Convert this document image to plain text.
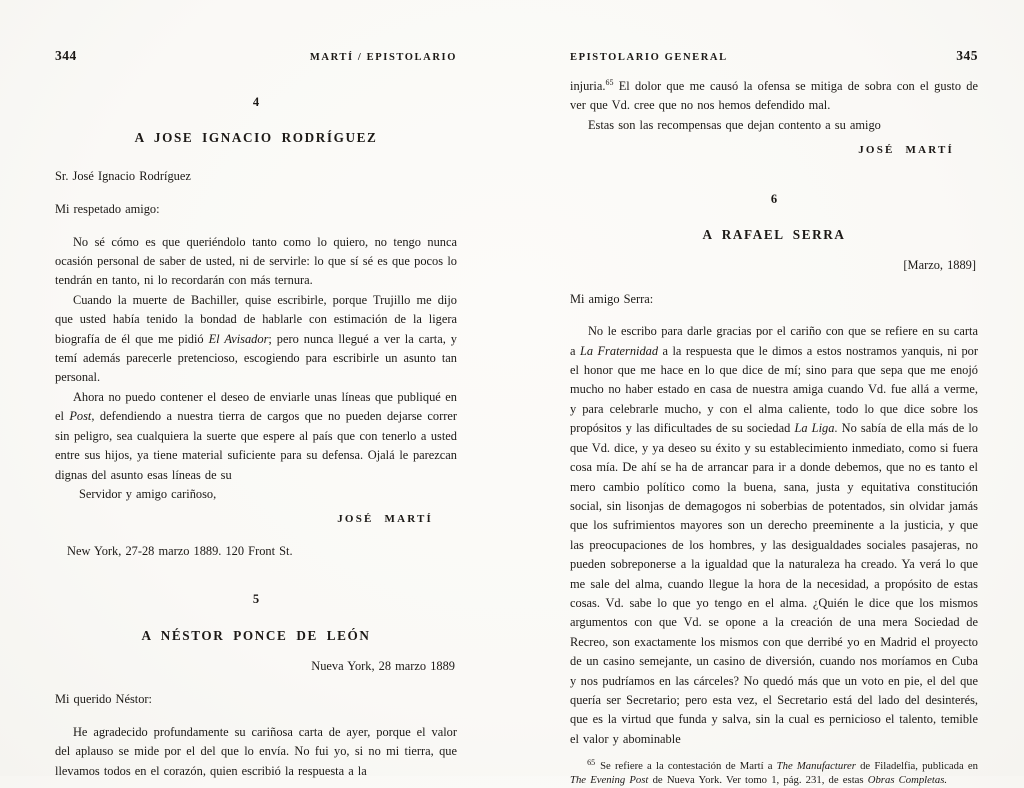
344	MARTÍ / EPISTOLARIO
4
A JOSE IGNACIO RODRÍGUEZ
Sr. José Ignacio Rodríguez
Mi respetado amigo:
No sé cómo es que queriéndolo tanto como lo quiero, no tengo nunca ocasión personal de saber de usted, ni de servirle: lo que sí sé es que pocos lo tendrán en tanto, ni lo recordarán con más ternura.
Cuando la muerte de Bachiller, quise escribirle, porque Trujillo me dijo que usted había tenido la bondad de hablarle con estimación de la ligera biografía de él que me pidió El Avisador; pero nunca llegué a ver la carta, y temí además parecerle pretencioso, escogiendo para escribirle un asunto tan personal.
Ahora no puedo contener el deseo de enviarle unas líneas que publiqué en el Post, defendiendo a nuestra tierra de cargos que no pueden dejarse correr sin peligro, sea cualquiera la suerte que espere al país que con tenerlo a usted entre sus hijos, ya tiene material suficiente para su defensa. Ojalá le parezcan dignas del asunto esas líneas de su
Servidor y amigo cariñoso,
JOSÉ MARTÍ
New York, 27-28 marzo 1889. 120 Front St.
5
A NÉSTOR PONCE DE LEÓN
Nueva York, 28 marzo 1889
Mi querido Néstor:
He agradecido profundamente su cariñosa carta de ayer, porque el valor del aplauso se mide por el del que lo envía. No fui yo, si no mi tierra, que llevamos todos en el corazón, quien escribió la respuesta a la
EPISTOLARIO GENERAL	345
injuria.$^{65}$ El dolor que me causó la ofensa se mitiga de sobra con el gusto de ver que Vd. cree que no nos hemos defendido mal.
Estas son las recompensas que dejan contento a su amigo
JOSÉ MARTÍ
6
A RAFAEL SERRA
[Marzo, 1889]
Mi amigo Serra:
No le escribo para darle gracias por el cariño con que se refiere en su carta a La Fraternidad a la respuesta que le dimos a estos nostramos yanquis, ni por el honor que me hace en lo que dice de mí; sino para que sepa que me enojó mucho no haber estado en casa de nuestra amiga cuando Vd. fue allá a verme, y para celebrarle mucho, y con el alma caliente, todo lo que dice sobre los propósitos y las dificultades de su sociedad La Liga. No sabía de ella más de lo que Vd. dice, y ya deseo su éxito y su establecimiento inmediato, como si fuera cosa mía. De ahí se ha de arrancar para ir a donde debemos, que no es tanto el mero cambio político como la buena, sana, justa y equitativa constitución social, sin lisonjas de demagogos ni soberbias de potentados, sin olvidar jamás que los sufrimientos mayores son un derecho preeminente a la justicia, y que las preocupaciones de los hombres, y las desigualdades sociales pasajeras, no pueden sobreponerse a la igualdad que la naturaleza ha creado. Ya verá lo que me sale del alma, cuando llegue la hora de la necesidad, a propósito de estas cosas. Vd. sabe lo que yo tengo en el alma. ¿Quién le dice que los mismos argumentos con que Vd. se opone a la creación de una mera Sociedad de Recreo, son exactamente los mismos con que derribé yo en Madrid el proyecto de un casino semejante, un casino de diversión, cuando nos moríamos en Cuba y nos pudríamos en las cárceles? No quedó más que un voto en pie, el del que quería ser Secretario; pero esta vez, el Secretario está del lado del desinterés, que es la virtud que funda y salva, sin la cual es pernicioso el talento, temible el valor y abominable
$^{65}$ Se refiere a la contestación de Martí a The Manufacturer de Filadelfia, publicada en The Evening Post de Nueva York. Ver tomo 1, pág. 231, de estas Obras Completas.
